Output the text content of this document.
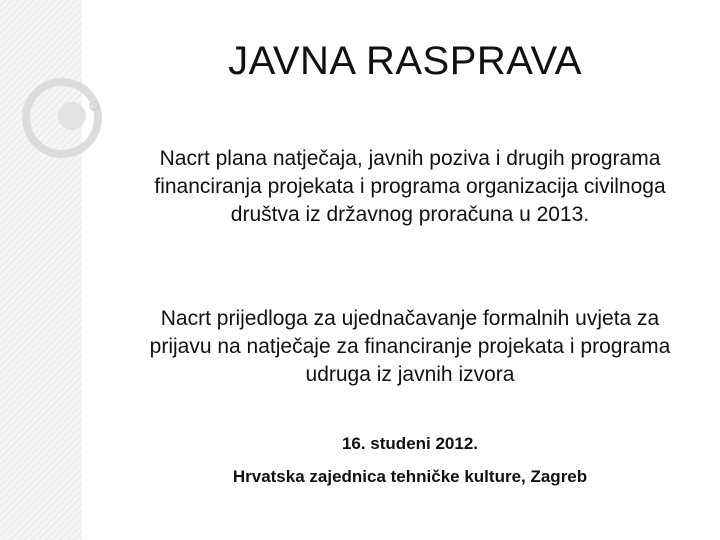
JAVNA RASPRAVA
Nacrt plana natječaja, javnih poziva i drugih programa financiranja projekata i programa organizacija civilnoga društva iz državnog proračuna u 2013.
Nacrt prijedloga za ujednačavanje formalnih uvjeta za prijavu na natječaje za financiranje projekata i programa udruga iz javnih izvora
16. studeni 2012.
Hrvatska zajednica tehničke kulture, Zagreb
